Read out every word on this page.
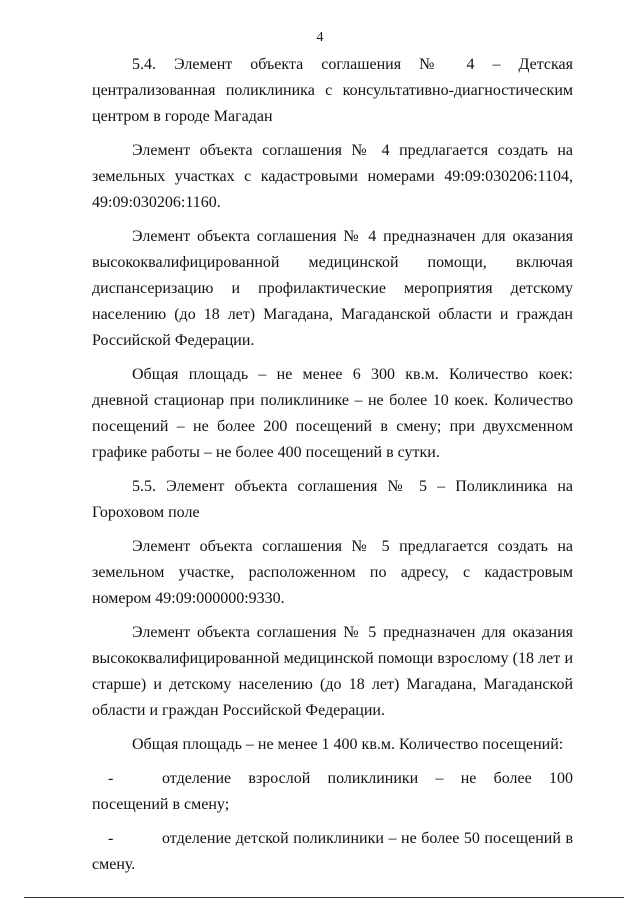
4

5.4. Элемент объекта соглашения № 4 – Детская централизованная поликлиника с консультативно-диагностическим центром в городе Магадан

Элемент объекта соглашения № 4 предлагается создать на земельных участках с кадастровыми номерами 49:09:030206:1104, 49:09:030206:1160.

Элемент объекта соглашения № 4 предназначен для оказания высококвалифицированной медицинской помощи, включая диспансеризацию и профилактические мероприятия детскому населению (до 18 лет) Магадана, Магаданской области и граждан Российской Федерации.

Общая площадь – не менее 6 300 кв.м. Количество коек: дневной стационар при поликлинике – не более 10 коек. Количество посещений – не более 200 посещений в смену; при двухсменном графике работы – не более 400 посещений в сутки.

5.5. Элемент объекта соглашения № 5 – Поликлиника на Гороховом поле

Элемент объекта соглашения № 5 предлагается создать на земельном участке, расположенном по адресу, с кадастровым номером 49:09:000000:9330.

Элемент объекта соглашения № 5 предназначен для оказания высококвалифицированной медицинской помощи взрослому (18 лет и старше) и детскому населению (до 18 лет) Магадана, Магаданской области и граждан Российской Федерации.

Общая площадь – не менее 1 400 кв.м. Количество посещений:

-	отделение взрослой поликлиники – не более 100 посещений в смену;

-	отделение детской поликлиники – не более 50 посещений в смену.
